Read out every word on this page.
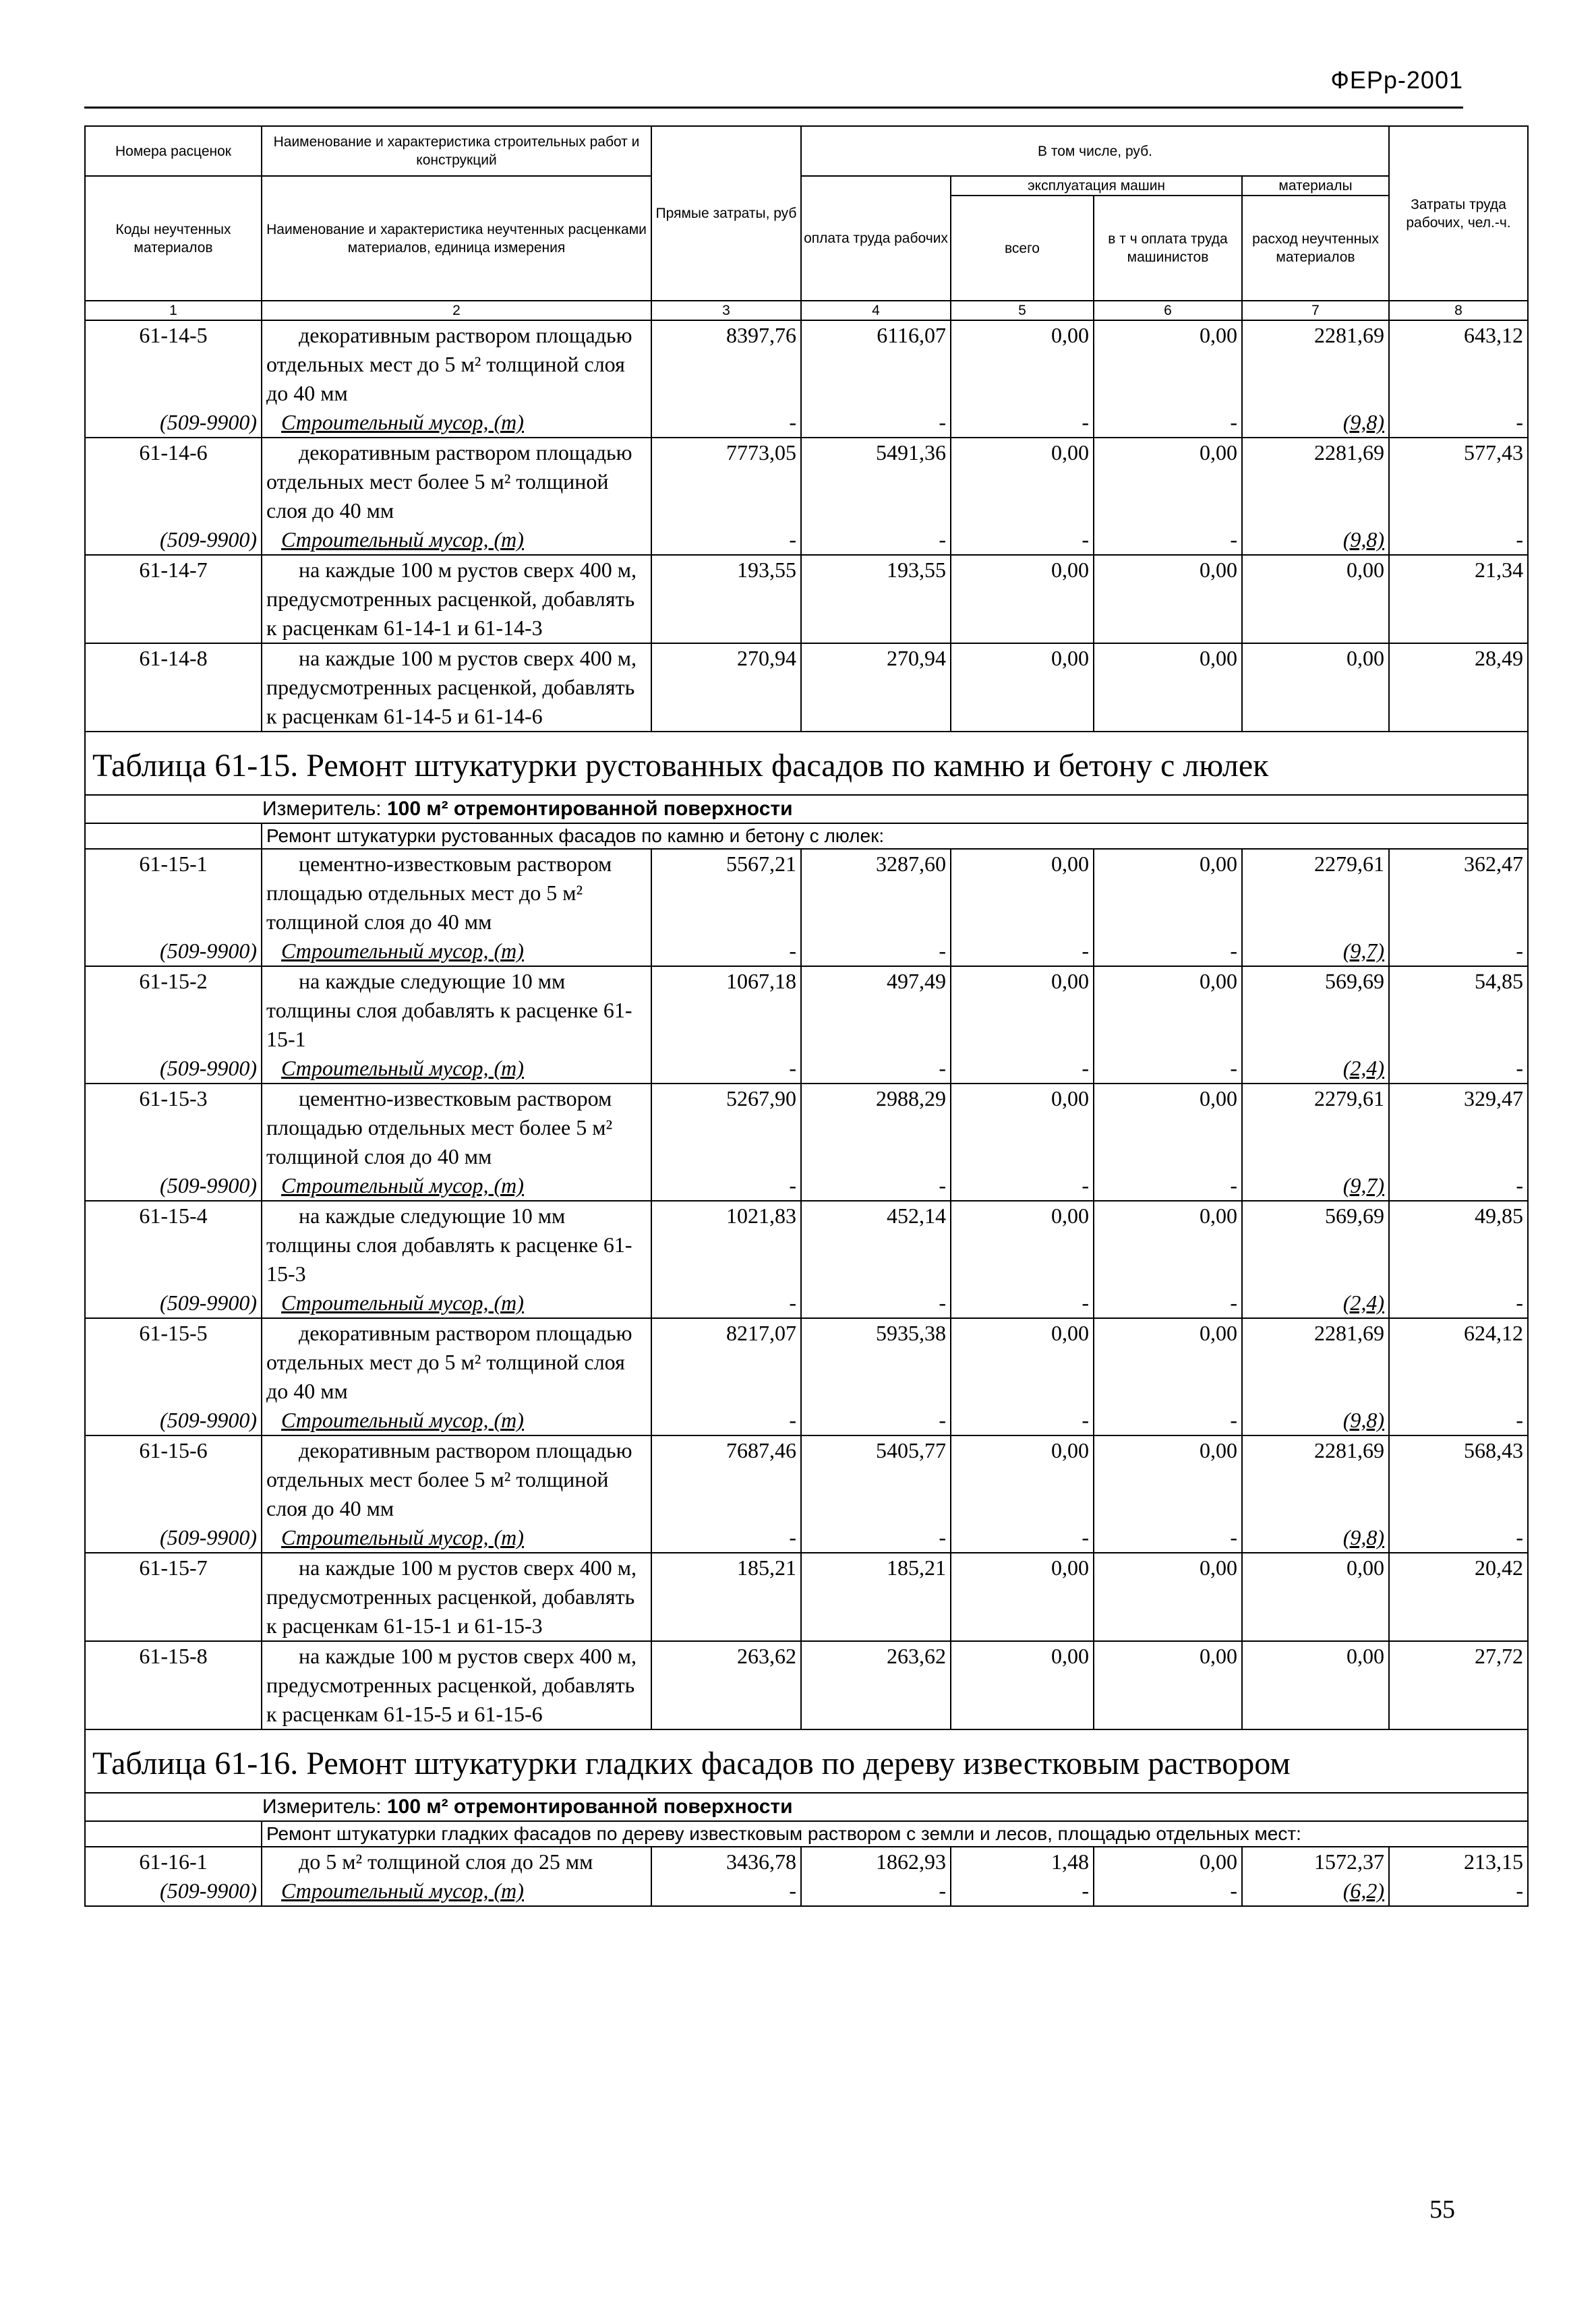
ФЕРр-2001
Номера расценок	Наименование и характеристика строительных работ и конструкций	Прямые затраты, руб	В том числе, руб.				Затраты труда рабочих, чел.-ч.
Коды неучтенных материалов	Наименование и характеристика неучтенных расценками материалов, единица измерения		оплата труда рабочих	эксплуатация машин		материалы	
				всего	в т ч оплата труда машинистов	расход неучтенных материалов	
1	2	3	4	5	6	7	8
61-14-5	декоративным раствором площадью отдельных мест до 5 м² толщиной слоя до 40 мм	8397,76	6116,07	0,00	0,00	2281,69	643,12
(509-9900)	Строительный мусор, (т)	-	-	-	-	(9,8)	-
61-14-6	декоративным раствором площадью отдельных мест более 5 м² толщиной слоя до 40 мм	7773,05	5491,36	0,00	0,00	2281,69	577,43
(509-9900)	Строительный мусор, (т)	-	-	-	-	(9,8)	-
61-14-7	на каждые 100 м рустов сверх 400 м, предусмотренных расценкой, добавлять к расценкам 61-14-1 и 61-14-3	193,55	193,55	0,00	0,00	0,00	21,34
61-14-8	на каждые 100 м рустов сверх 400 м, предусмотренных расценкой, добавлять к расценкам 61-14-5 и 61-14-6	270,94	270,94	0,00	0,00	0,00	28,49
Таблица 61-15. Ремонт штукатурки рустованных фасадов по камню и бетону с люлек							
Измеритель: 100 м² отремонтированной поверхности							
	Ремонт штукатурки рустованных фасадов по камню и бетону с люлек:						
61-15-1	цементно-известковым раствором площадью отдельных мест до 5 м² толщиной слоя до 40 мм	5567,21	3287,60	0,00	0,00	2279,61	362,47
(509-9900)	Строительный мусор, (т)	-	-	-	-	(9,7)	-
61-15-2	на каждые следующие 10 мм толщины слоя добавлять к расценке 61-15-1	1067,18	497,49	0,00	0,00	569,69	54,85
(509-9900)	Строительный мусор, (т)	-	-	-	-	(2,4)	-
61-15-3	цементно-известковым раствором площадью отдельных мест более 5 м² толщиной слоя до 40 мм	5267,90	2988,29	0,00	0,00	2279,61	329,47
(509-9900)	Строительный мусор, (т)	-	-	-	-	(9,7)	-
61-15-4	на каждые следующие 10 мм толщины слоя добавлять к расценке 61-15-3	1021,83	452,14	0,00	0,00	569,69	49,85
(509-9900)	Строительный мусор, (т)	-	-	-	-	(2,4)	-
61-15-5	декоративным раствором площадью отдельных мест до 5 м² толщиной слоя до 40 мм	8217,07	5935,38	0,00	0,00	2281,69	624,12
(509-9900)	Строительный мусор, (т)	-	-	-	-	(9,8)	-
61-15-6	декоративным раствором площадью отдельных мест более 5 м² толщиной слоя до 40 мм	7687,46	5405,77	0,00	0,00	2281,69	568,43
(509-9900)	Строительный мусор, (т)	-	-	-	-	(9,8)	-
61-15-7	на каждые 100 м рустов сверх 400 м, предусмотренных расценкой, добавлять к расценкам 61-15-1 и 61-15-3	185,21	185,21	0,00	0,00	0,00	20,42
61-15-8	на каждые 100 м рустов сверх 400 м, предусмотренных расценкой, добавлять к расценкам 61-15-5 и 61-15-6	263,62	263,62	0,00	0,00	0,00	27,72
Таблица 61-16. Ремонт штукатурки гладких фасадов по дереву известковым раствором							
Измеритель: 100 м² отремонтированной поверхности							
	Ремонт штукатурки гладких фасадов по дереву известковым раствором с земли и лесов, площадью отдельных мест:						
61-16-1	до 5 м² толщиной слоя до 25 мм	3436,78	1862,93	1,48	0,00	1572,37	213,15
(509-9900)	Строительный мусор, (т)	-	-	-	-	(6,2)	-
55
